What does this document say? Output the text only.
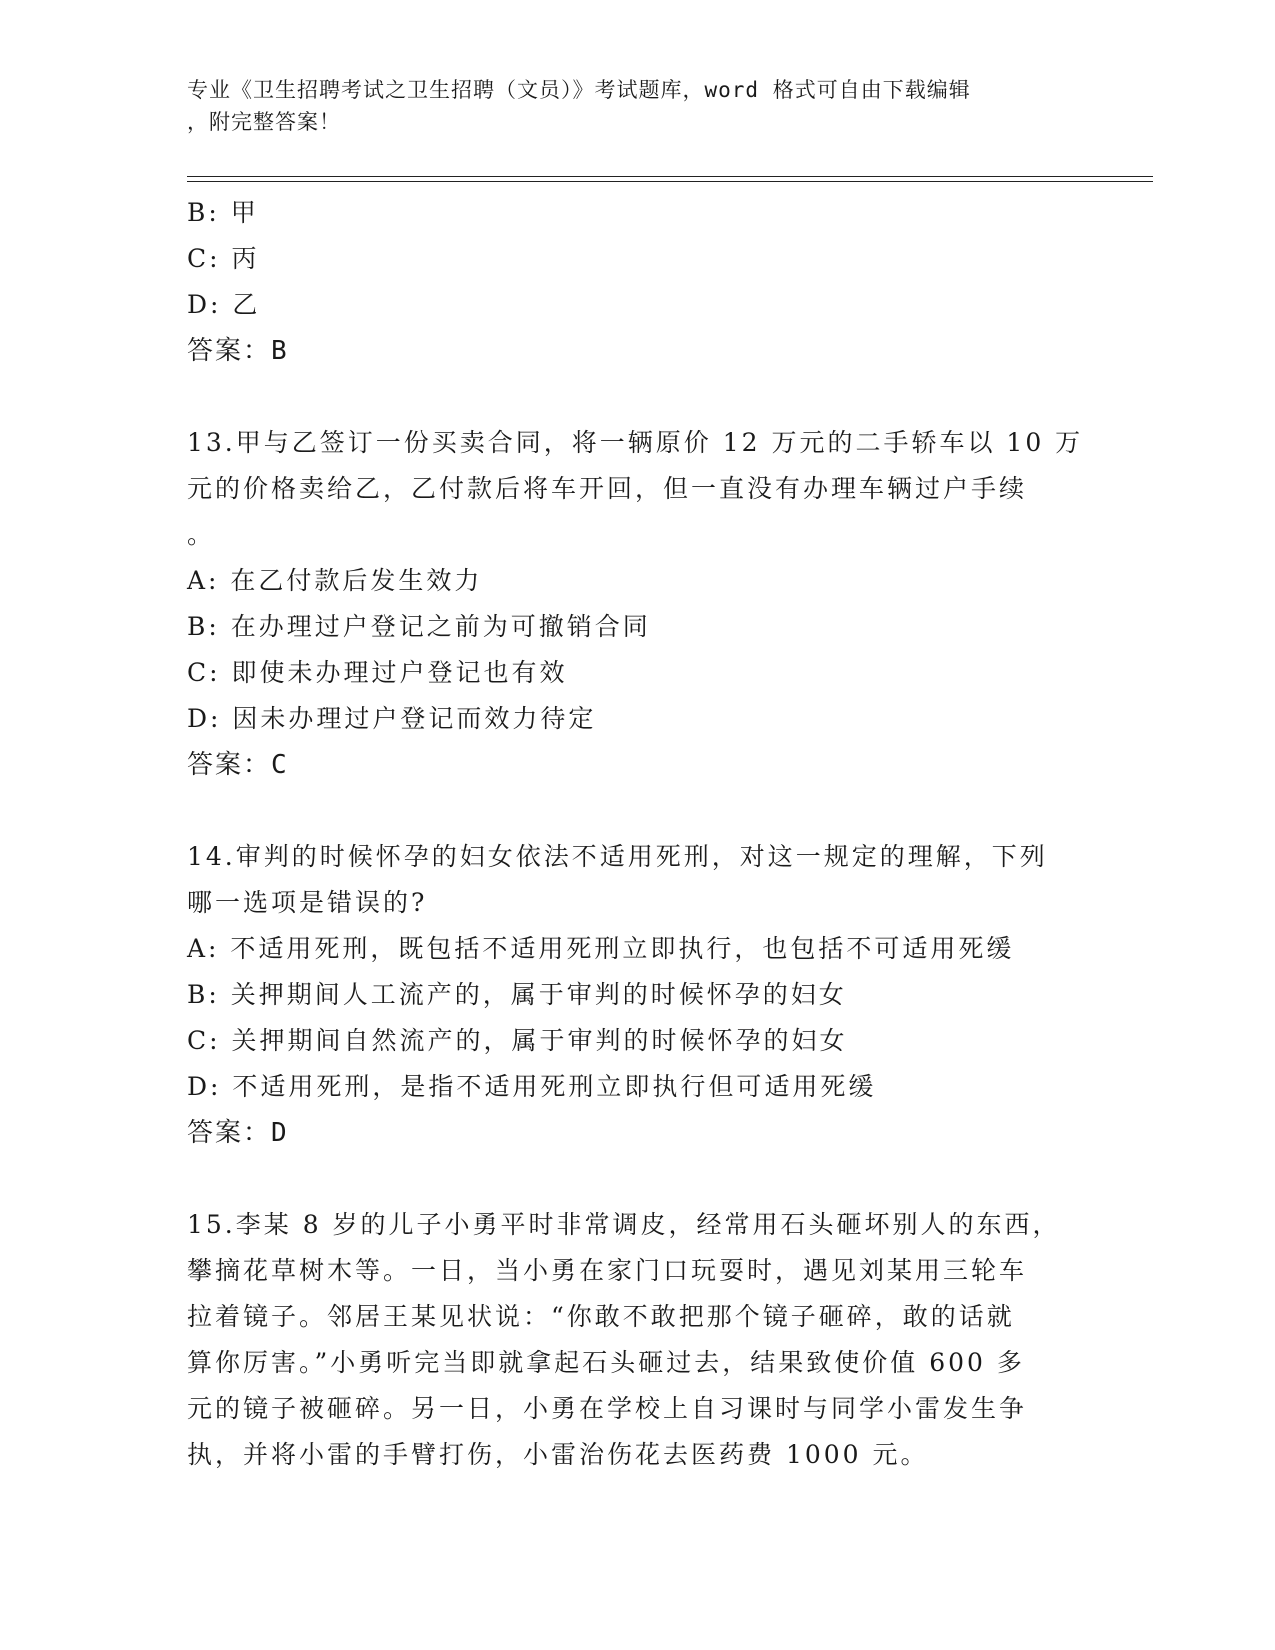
专业《卫生招聘考试之卫生招聘（文员）》考试题库，word 格式可自由下载编辑
，附完整答案！
B: 甲
C: 丙
D: 乙
答案：B
13.甲与乙签订一份买卖合同，将一辆原价 12 万元的二手轿车以 10 万
元的价格卖给乙，乙付款后将车开回，但一直没有办理车辆过户手续
。
A: 在乙付款后发生效力
B: 在办理过户登记之前为可撤销合同
C: 即使未办理过户登记也有效
D: 因未办理过户登记而效力待定
答案：C
14.审判的时候怀孕的妇女依法不适用死刑，对这一规定的理解，下列
哪一选项是错误的?
A: 不适用死刑，既包括不适用死刑立即执行，也包括不可适用死缓
B: 关押期间人工流产的，属于审判的时候怀孕的妇女
C: 关押期间自然流产的，属于审判的时候怀孕的妇女
D: 不适用死刑，是指不适用死刑立即执行但可适用死缓
答案：D
15.李某 8 岁的儿子小勇平时非常调皮，经常用石头砸坏别人的东西，
攀摘花草树木等。一日，当小勇在家门口玩耍时，遇见刘某用三轮车
拉着镜子。邻居王某见状说：“你敢不敢把那个镜子砸碎，敢的话就
算你厉害。”小勇听完当即就拿起石头砸过去，结果致使价值 600 多
元的镜子被砸碎。另一日，小勇在学校上自习课时与同学小雷发生争
执，并将小雷的手臂打伤，小雷治伤花去医药费 1000 元。
